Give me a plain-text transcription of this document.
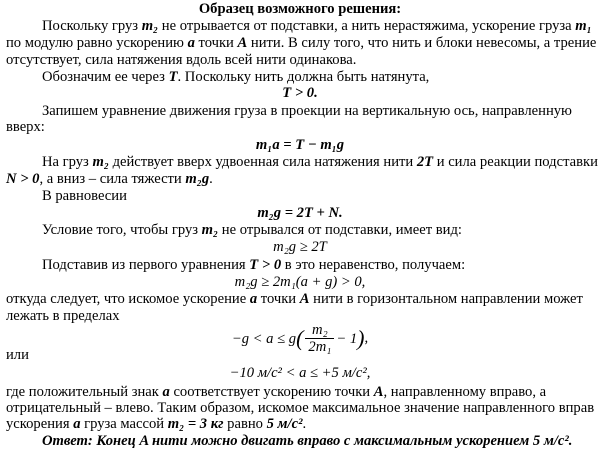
Образец возможного решения:
Поскольку груз m₂ не отрывается от подставки, а нить нерастяжима, ускорение груза m₁
по модулю равно ускорению a точки A нити. В силу того, что нить и блоки невесомы, а трение
отсутствует, сила натяжения вдоль всей нити одинакова.
Обозначим ее через T. Поскольку нить должна быть натянута,
T > 0.
Запишем уравнение движения груза в проекции на вертикальную ось, направленную
вверх:
m₁a = T − m₁g
На груз m₂ действует вверх удвоенная сила натяжения нити 2T и сила реакции подставки
N > 0, а вниз – сила тяжести m₂g.
В равновесии
m₂g = 2T + N.
Условие того, чтобы груз m₂ не отрывался от подставки, имеет вид:
m₂g ≥ 2T
Подставив из первого уравнения T > 0 в это неравенство, получаем:
m₂g ≥ 2m₁(a + g) > 0,
откуда следует, что искомое ускорение a точки A нити в горизонтальном направлении может
лежать в пределах
$-g < a \le g( \frac{\text{m₂}}{\text{2m₁}} - 1)$,
или
−10 м/с² < a ≤ +5 м/с²,
где положительный знак a соответствует ускорению точки A, направленному вправо, а
отрицательный – влево. Таким образом, искомое максимальное значение направленного вправ
ускорения a груза массой m₂ = 3 кг равно 5 м/с².
Ответ: Конец A нити можно двигать вправо с максимальным ускорением 5 м/с².
